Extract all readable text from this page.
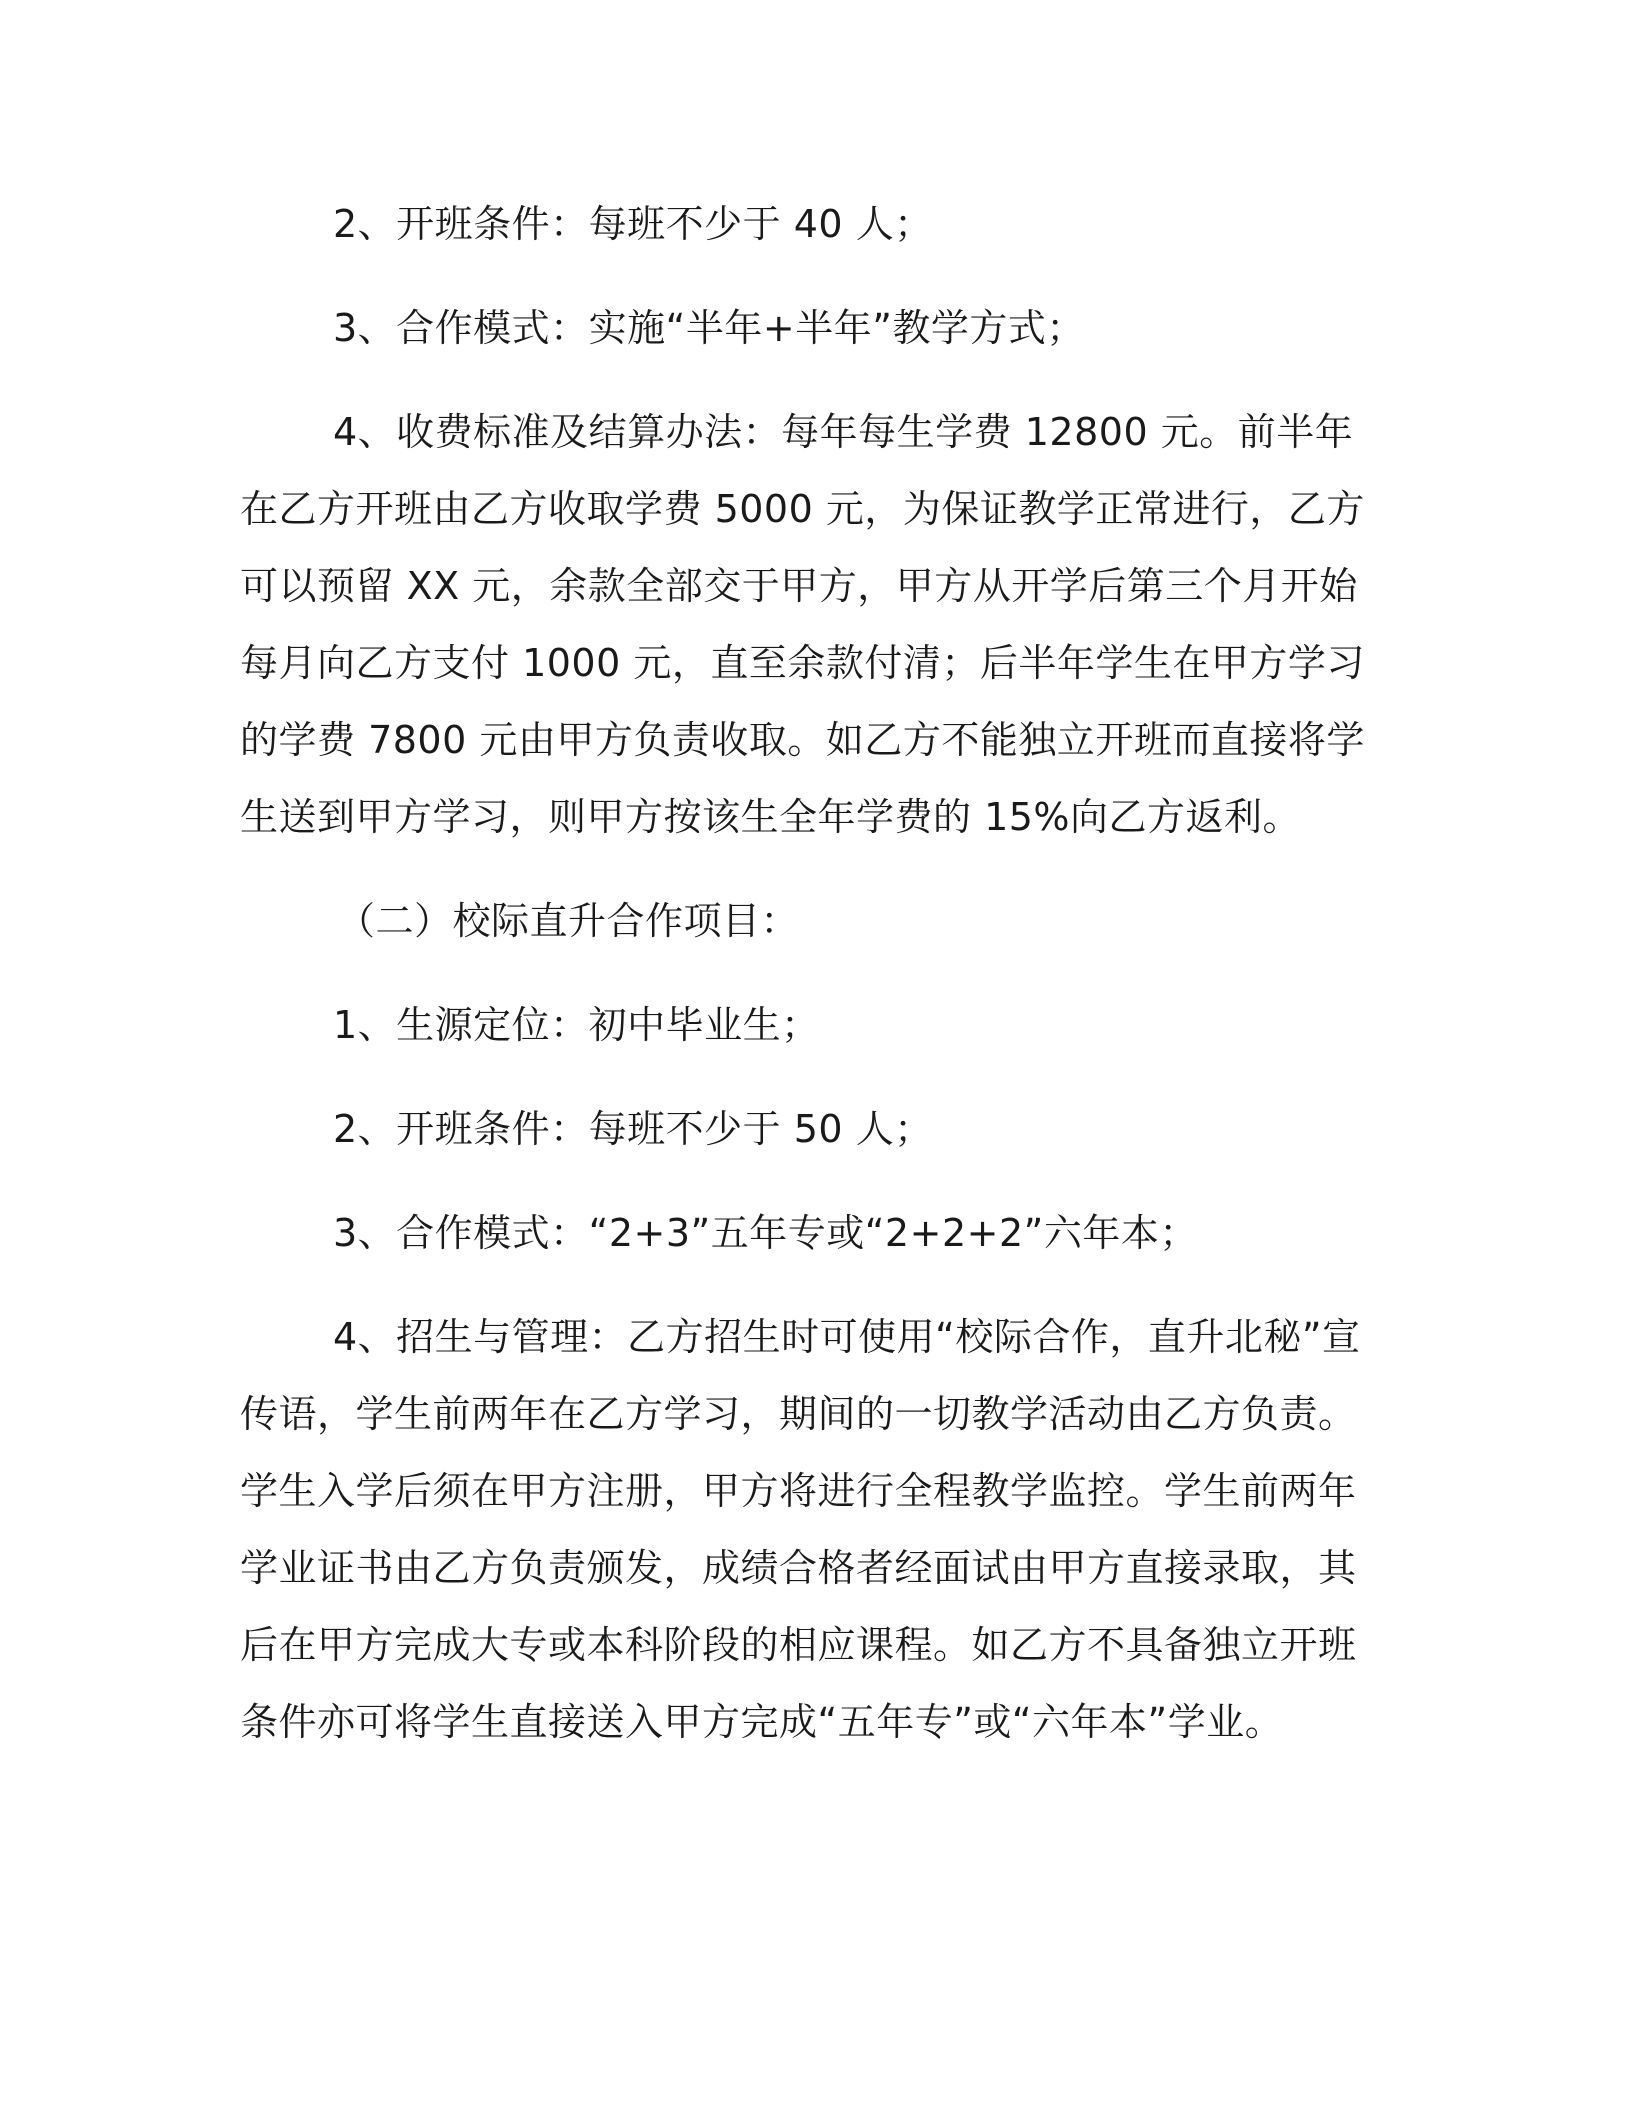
2、开班条件：每班不少于 40 人；

3、合作模式：实施“半年+半年”教学方式；

4、收费标准及结算办法：每年每生学费 12800 元。前半年在乙方开班由乙方收取学费 5000 元，为保证教学正常进行，乙方可以预留 XX 元，余款全部交于甲方，甲方从开学后第三个月开始每月向乙方支付 1000 元，直至余款付清；后半年学生在甲方学习的学费 7800 元由甲方负责收取。如乙方不能独立开班而直接将学生送到甲方学习，则甲方按该生全年学费的 15%向乙方返利。

（二）校际直升合作项目：

1、生源定位：初中毕业生；

2、开班条件：每班不少于 50 人；

3、合作模式：“2+3”五年专或“2+2+2”六年本；

4、招生与管理：乙方招生时可使用“校际合作，直升北秘”宣传语，学生前两年在乙方学习，期间的一切教学活动由乙方负责。学生入学后须在甲方注册，甲方将进行全程教学监控。学生前两年学业证书由乙方负责颁发，成绩合格者经面试由甲方直接录取，其后在甲方完成大专或本科阶段的相应课程。如乙方不具备独立开班条件亦可将学生直接送入甲方完成“五年专”或“六年本”学业。
